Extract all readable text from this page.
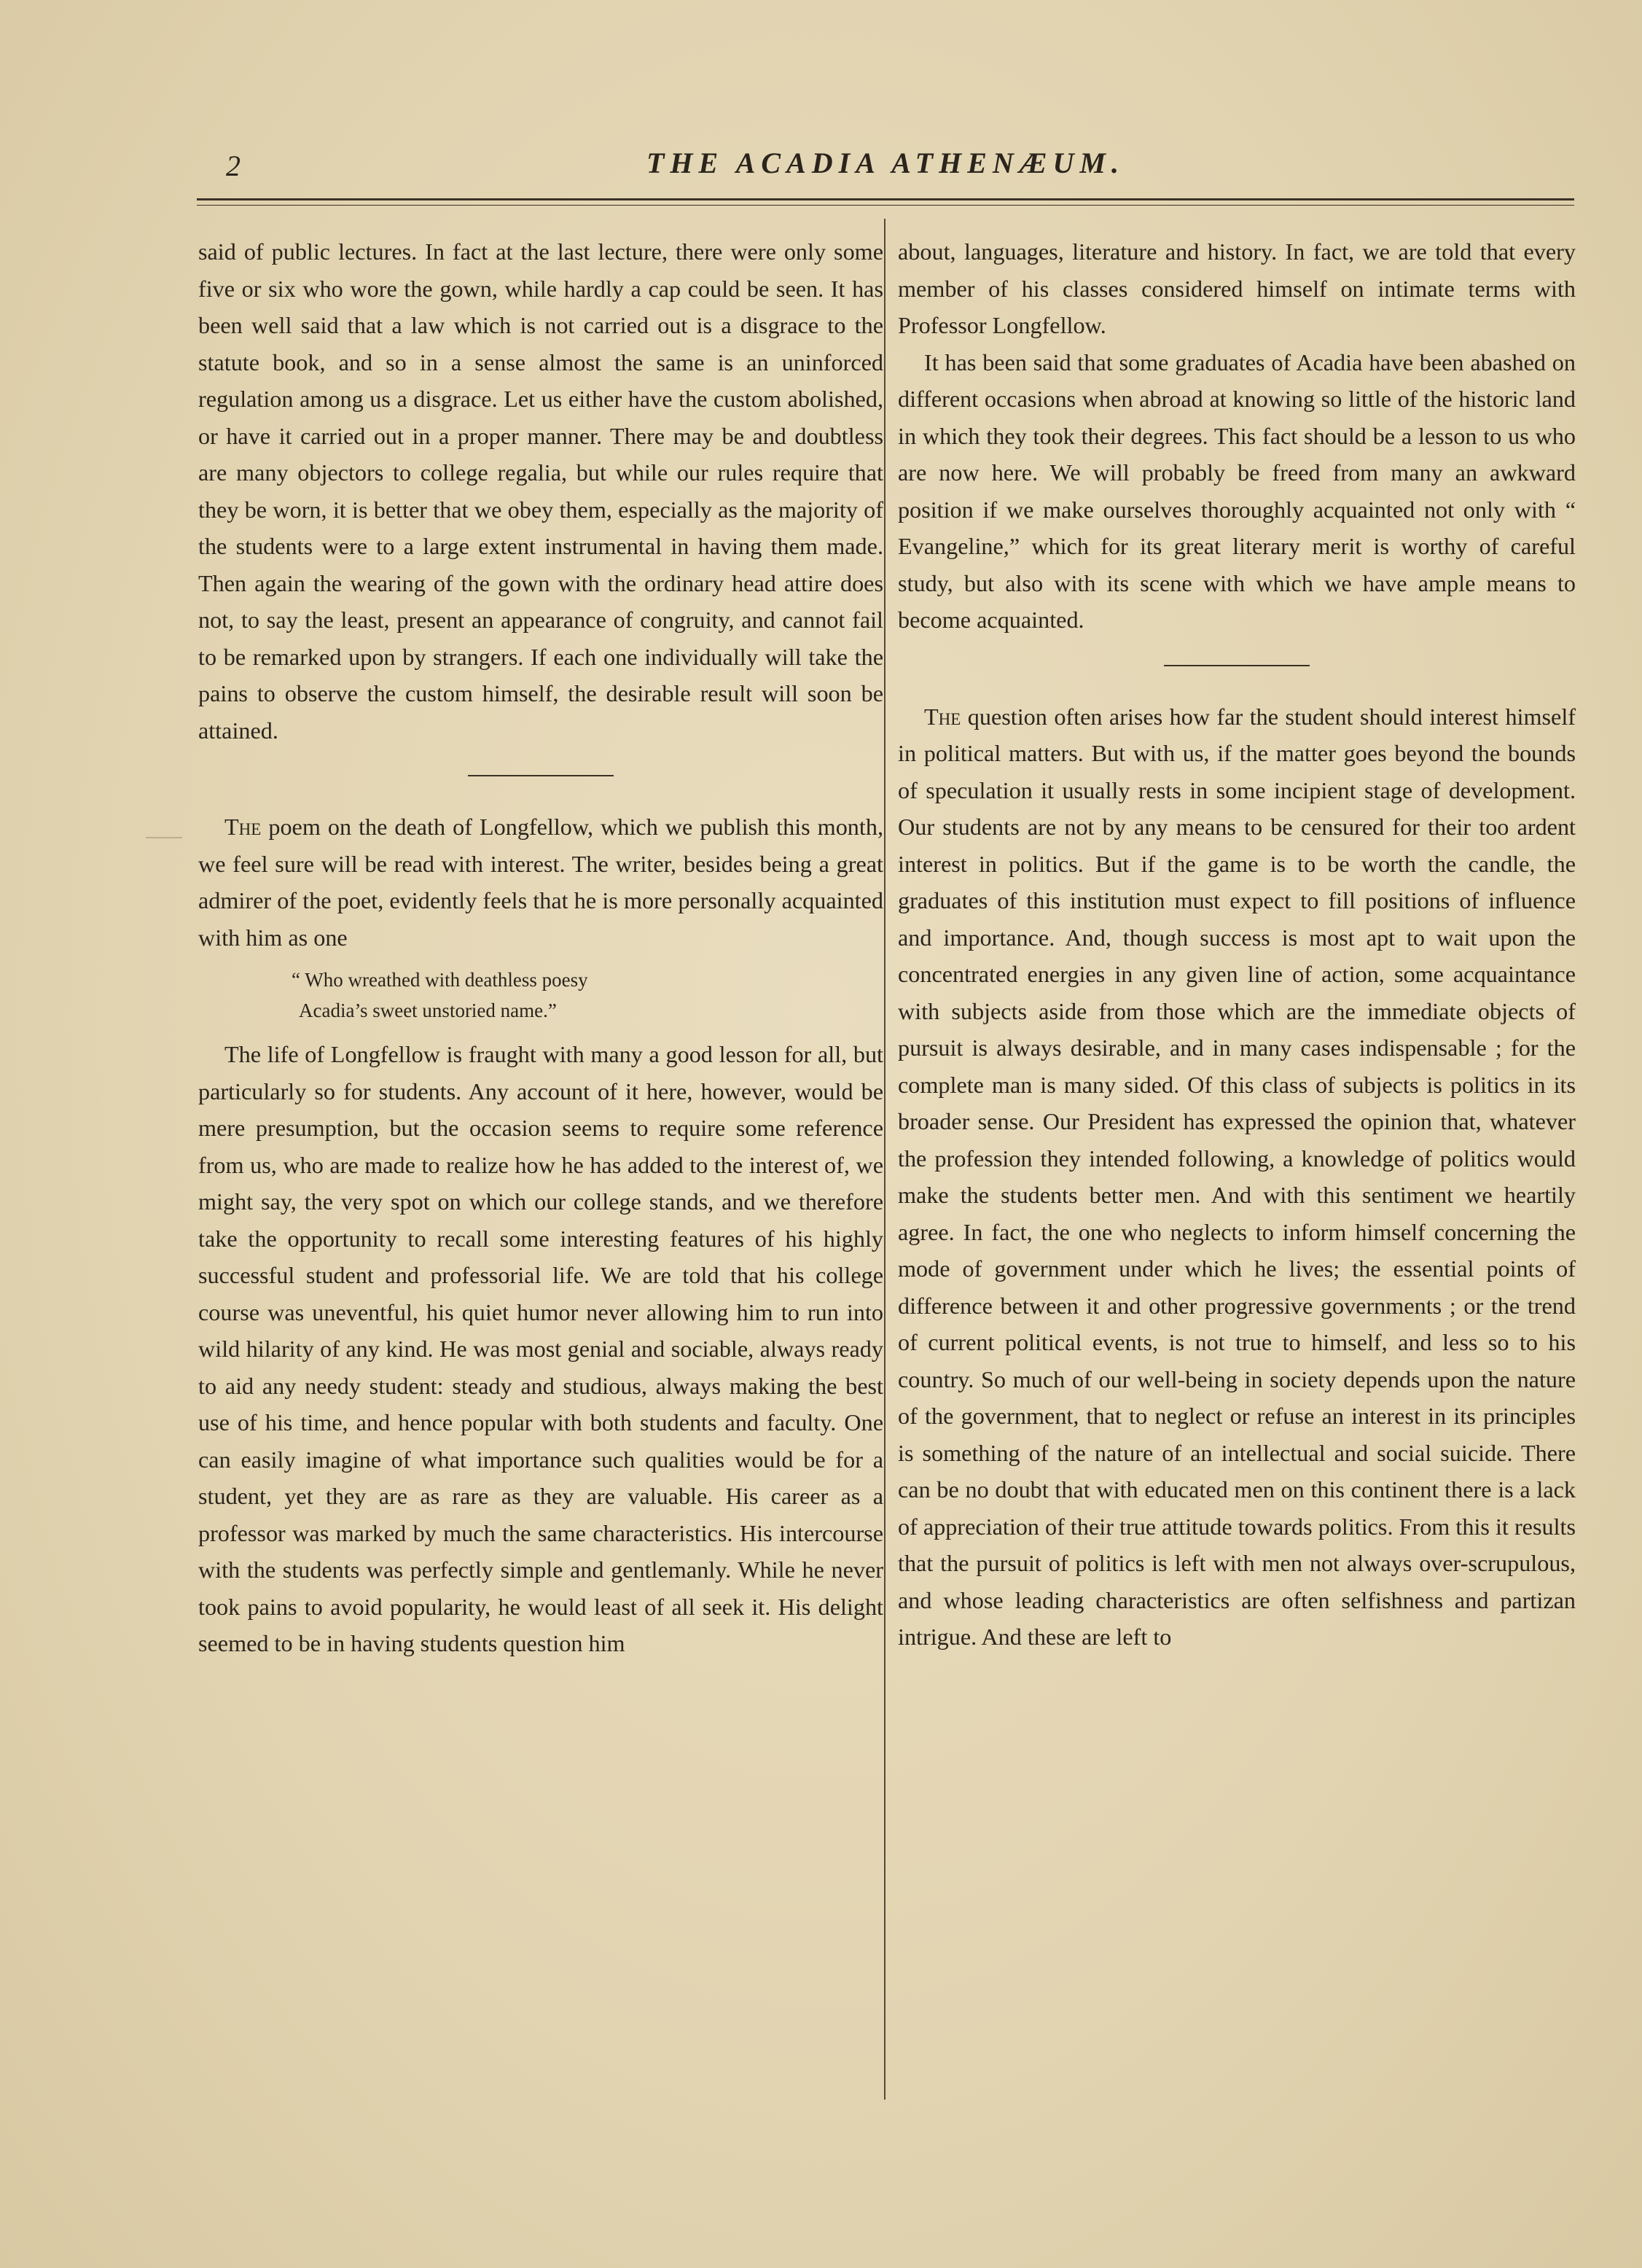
2	THE ACADIA ATHENÆUM.

said of public lectures. In fact at the last lecture, there were only some five or six who wore the gown, while hardly a cap could be seen. It has been well said that a law which is not carried out is a disgrace to the statute book, and so in a sense almost the same is an uninforced regulation among us a disgrace. Let us either have the custom abolished, or have it carried out in a proper manner. There may be and doubtless are many objectors to college regalia, but while our rules require that they be worn, it is better that we obey them, especially as the majority of the students were to a large extent instrumental in having them made. Then again the wearing of the gown with the ordinary head attire does not, to say the least, present an appearance of congruity, and cannot fail to be remarked upon by strangers. If each one individually will take the pains to observe the custom himself, the desirable result will soon be attained.

The poem on the death of Longfellow, which we publish this month, we feel sure will be read with interest. The writer, besides being a great admirer of the poet, evidently feels that he is more personally acquainted with him as one

“ Who wreathed with deathless poesy
Acadia’s sweet unstoried name.”

The life of Longfellow is fraught with many a good lesson for all, but particularly so for students. Any account of it here, however, would be mere presumption, but the occasion seems to require some reference from us, who are made to realize how he has added to the interest of, we might say, the very spot on which our college stands, and we therefore take the opportunity to recall some interesting features of his highly successful student and professorial life. We are told that his college course was uneventful, his quiet humor never allowing him to run into wild hilarity of any kind. He was most genial and sociable, always ready to aid any needy student: steady and studious, always making the best use of his time, and hence popular with both students and faculty. One can easily imagine of what importance such qualities would be for a student, yet they are as rare as they are valuable. His career as a professor was marked by much the same characteristics. His intercourse with the students was perfectly simple and gentlemanly. While he never took pains to avoid popularity, he would least of all seek it. His delight seemed to be in having students question him

about, languages, literature and history. In fact, we are told that every member of his classes considered himself on intimate terms with Professor Longfellow.

It has been said that some graduates of Acadia have been abashed on different occasions when abroad at knowing so little of the historic land in which they took their degrees. This fact should be a lesson to us who are now here. We will probably be freed from many an awkward position if we make ourselves thoroughly acquainted not only with “ Evangeline,” which for its great literary merit is worthy of careful study, but also with its scene with which we have ample means to become acquainted.

The question often arises how far the student should interest himself in political matters. But with us, if the matter goes beyond the bounds of speculation it usually rests in some incipient stage of development. Our students are not by any means to be censured for their too ardent interest in politics. But if the game is to be worth the candle, the graduates of this institution must expect to fill positions of influence and importance. And, though success is most apt to wait upon the concentrated energies in any given line of action, some acquaintance with subjects aside from those which are the immediate objects of pursuit is always desirable, and in many cases indispensable ; for the complete man is many sided. Of this class of subjects is politics in its broader sense. Our President has expressed the opinion that, whatever the profession they intended following, a knowledge of politics would make the students better men. And with this sentiment we heartily agree. In fact, the one who neglects to inform himself concerning the mode of government under which he lives; the essential points of difference between it and other progressive governments ; or the trend of current political events, is not true to himself, and less so to his country. So much of our well-being in society depends upon the nature of the government, that to neglect or refuse an interest in its principles is something of the nature of an intellectual and social suicide. There can be no doubt that with educated men on this continent there is a lack of appreciation of their true attitude towards politics. From this it results that the pursuit of politics is left with men not always over-scrupulous, and whose leading characteristics are often selfishness and partizan intrigue. And these are left to
